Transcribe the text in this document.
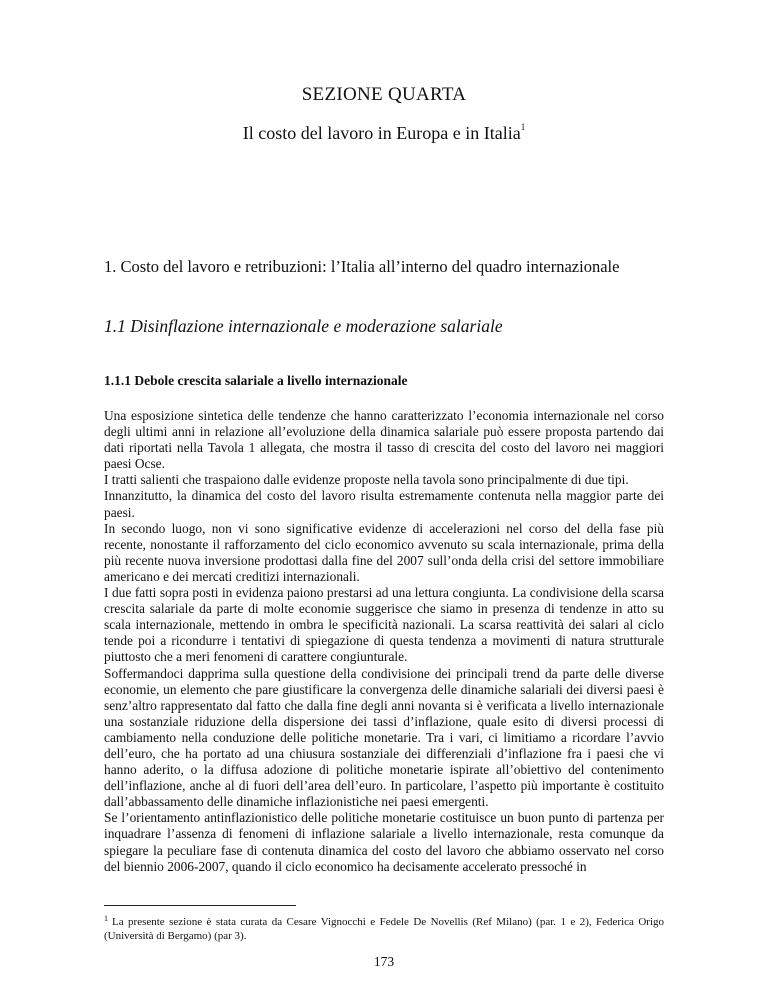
SEZIONE QUARTA
Il costo del lavoro in Europa e in Italia$^1$
1. Costo del lavoro e retribuzioni: l’Italia all’interno del quadro internazionale
1.1 Disinflazione internazionale e moderazione salariale
1.1.1 Debole crescita salariale a livello internazionale

Una esposizione sintetica delle tendenze che hanno caratterizzato l’economia internazionale nel corso degli ultimi anni in relazione all’evoluzione della dinamica salariale può essere proposta partendo dai dati riportati nella Tavola 1 allegata, che mostra il tasso di crescita del costo del lavoro nei maggiori paesi Ocse.

I tratti salienti che traspaiono dalle evidenze proposte nella tavola sono principalmente di due tipi.

Innanzitutto, la dinamica del costo del lavoro risulta estremamente contenuta nella maggior parte dei paesi.

In secondo luogo, non vi sono significative evidenze di accelerazioni nel corso del della fase più recente, nonostante il rafforzamento del ciclo economico avvenuto su scala internazionale, prima della più recente nuova inversione prodottasi dalla fine del 2007 sull’onda della crisi del settore immobiliare americano e dei mercati creditizi internazionali.

I due fatti sopra posti in evidenza paiono prestarsi ad una lettura congiunta. La condivisione della scarsa crescita salariale da parte di molte economie suggerisce che siamo in presenza di tendenze in atto su scala internazionale, mettendo in ombra le specificità nazionali. La scarsa reattività dei salari al ciclo tende poi a ricondurre i tentativi di spiegazione di questa tendenza a movimenti di natura strutturale piuttosto che a meri fenomeni di carattere congiunturale.

Soffermandoci dapprima sulla questione della condivisione dei principali trend da parte delle diverse economie, un elemento che pare giustificare la convergenza delle dinamiche salariali dei diversi paesi è senz’altro rappresentato dal fatto che dalla fine degli anni novanta si è verificata a livello internazionale una sostanziale riduzione della dispersione dei tassi d’inflazione, quale esito di diversi processi di cambiamento nella conduzione delle politiche monetarie. Tra i vari, ci limitiamo a ricordare l’avvio dell’euro, che ha portato ad una chiusura sostanziale dei differenziali d’inflazione fra i paesi che vi hanno aderito, o la diffusa adozione di politiche monetarie ispirate all’obiettivo del contenimento dell’inflazione, anche al di fuori dell’area dell’euro. In particolare, l’aspetto più importante è costituito dall’abbassamento delle dinamiche inflazionistiche nei paesi emergenti.

Se l’orientamento antinflazionistico delle politiche monetarie costituisce un buon punto di partenza per inquadrare l’assenza di fenomeni di inflazione salariale a livello internazionale, resta comunque da spiegare la peculiare fase di contenuta dinamica del costo del lavoro che abbiamo osservato nel corso del biennio 2006-2007, quando il ciclo economico ha decisamente accelerato pressoché in

$^1$ La presente sezione è stata curata da Cesare Vignocchi e Fedele De Novellis (Ref Milano) (par. 1 e 2), Federica Origo (Università di Bergamo) (par 3).
173
